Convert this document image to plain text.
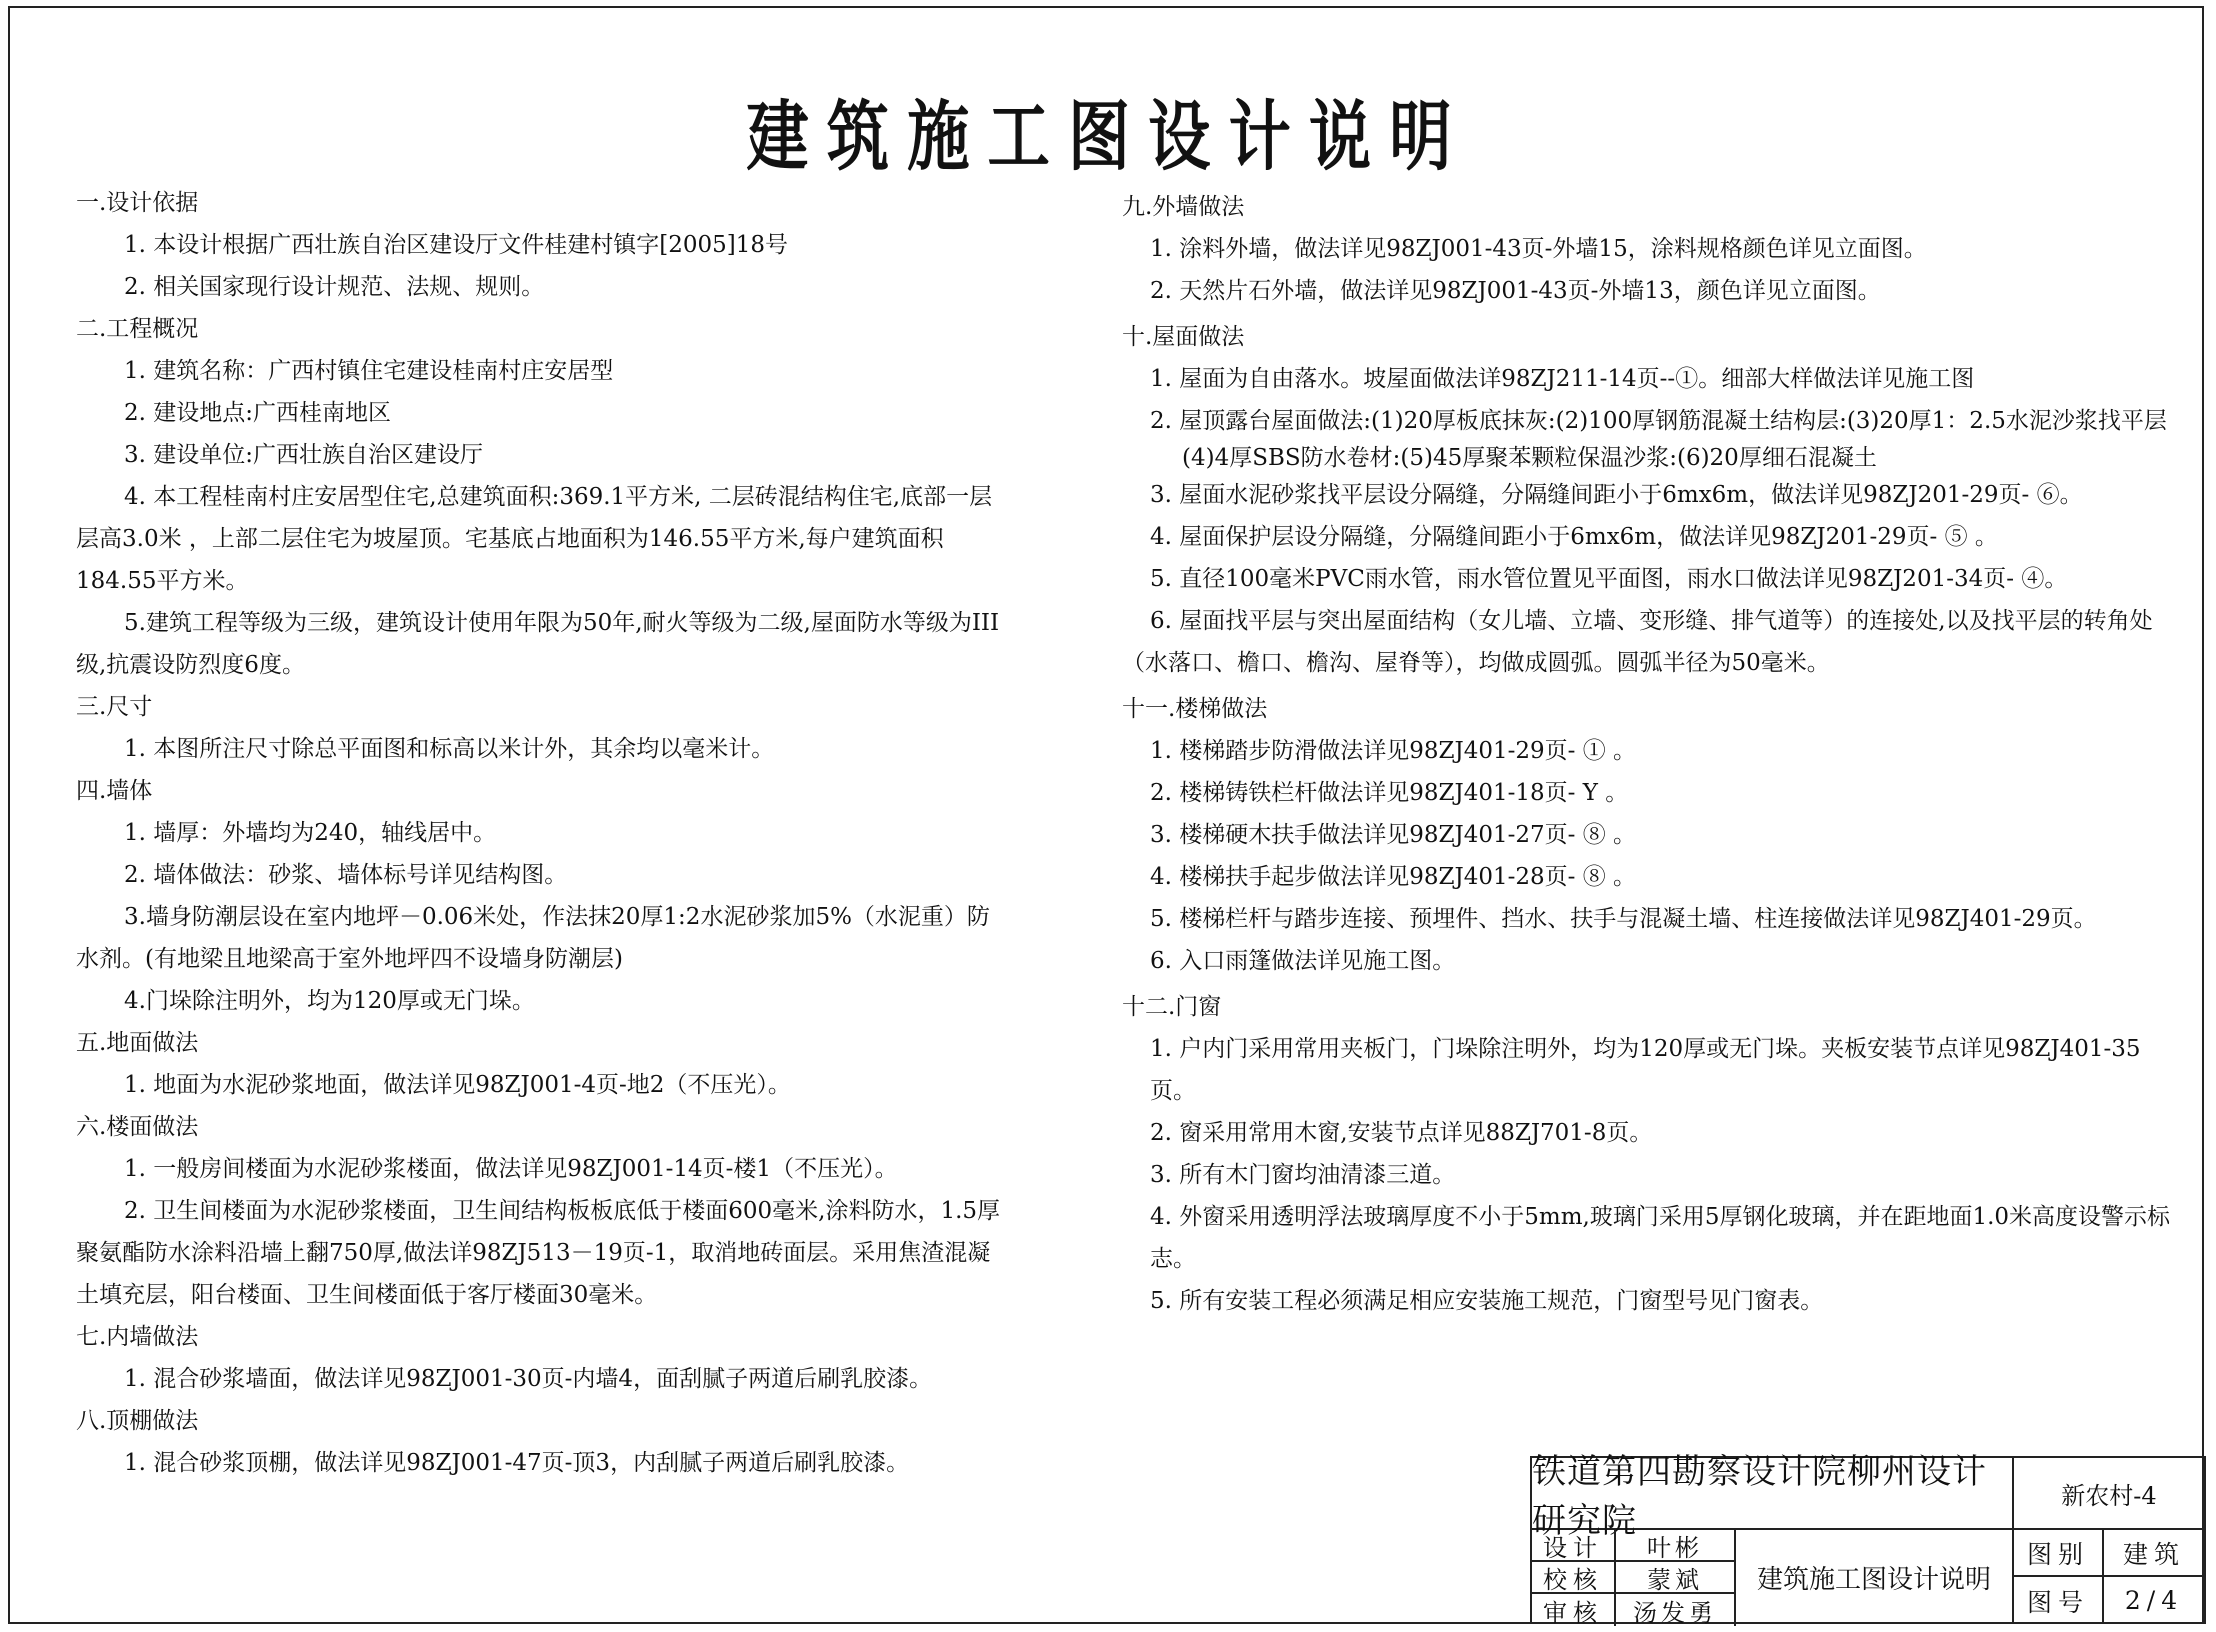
建筑施工图设计说明
一.设计依据
1. 本设计根据广西壮族自治区建设厅文件桂建村镇字[2005]18号
2. 相关国家现行设计规范、法规、规则。
二.工程概况
1. 建筑名称：广西村镇住宅建设桂南村庄安居型
2. 建设地点:广西桂南地区
3. 建设单位:广西壮族自治区建设厅
4. 本工程桂南村庄安居型住宅,总建筑面积:369.1平方米, 二层砖混结构住宅,底部一层层高3.0米 ，上部二层住宅为坡屋顶。宅基底占地面积为146.55平方米,每户建筑面积184.55平方米。
5.建筑工程等级为三级，建筑设计使用年限为50年,耐火等级为二级,屋面防水等级为III级,抗震设防烈度6度。
三.尺寸
1. 本图所注尺寸除总平面图和标高以米计外，其余均以毫米计。
四.墙体
1. 墙厚：外墙均为240，轴线居中。
2. 墙体做法：砂浆、墙体标号详见结构图。
3.墙身防潮层设在室内地坪－0.06米处，作法抹20厚1:2水泥砂浆加5%（水泥重）防水剂。(有地梁且地梁高于室外地坪四不设墙身防潮层)
4.门垛除注明外，均为120厚或无门垛。
五.地面做法
1. 地面为水泥砂浆地面，做法详见98ZJ001-4页-地2（不压光）。
六.楼面做法
1. 一般房间楼面为水泥砂浆楼面，做法详见98ZJ001-14页-楼1（不压光）。
2. 卫生间楼面为水泥砂浆楼面，卫生间结构板板底低于楼面600毫米,涂料防水，1.5厚聚氨酯防水涂料沿墙上翻750厚,做法详98ZJ513－19页-1，取消地砖面层。采用焦渣混凝土填充层，阳台楼面、卫生间楼面低于客厅楼面30毫米。
七.内墙做法
1. 混合砂浆墙面，做法详见98ZJ001-30页-内墙4，面刮腻子两道后刷乳胶漆。
八.顶棚做法
1. 混合砂浆顶棚，做法详见98ZJ001-47页-顶3，内刮腻子两道后刷乳胶漆。
九.外墙做法
1. 涂料外墙，做法详见98ZJ001-43页-外墙15，涂料规格颜色详见立面图。
2. 天然片石外墙，做法详见98ZJ001-43页-外墙13，颜色详见立面图。
十.屋面做法
1. 屋面为自由落水。坡屋面做法详98ZJ211-14页--①。细部大样做法详见施工图
2. 屋顶露台屋面做法:(1)20厚板底抹灰:(2)100厚钢筋混凝土结构层:(3)20厚1：2.5水泥沙浆找平层
(4)4厚SBS防水卷材:(5)45厚聚苯颗粒保温沙浆:(6)20厚细石混凝土
3. 屋面水泥砂浆找平层设分隔缝，分隔缝间距小于6mx6m，做法详见98ZJ201-29页- ⑥。
4. 屋面保护层设分隔缝，分隔缝间距小于6mx6m，做法详见98ZJ201-29页- ⑤ 。
5. 直径100毫米PVC雨水管，雨水管位置见平面图，雨水口做法详见98ZJ201-34页- ④。
6. 屋面找平层与突出屋面结构（女儿墙、立墙、变形缝、排气道等）的连接处,以及找平层的转角处（水落口、檐口、檐沟、屋脊等），均做成圆弧。圆弧半径为50毫米。
十一.楼梯做法
1. 楼梯踏步防滑做法详见98ZJ401-29页- ① 。
2. 楼梯铸铁栏杆做法详见98ZJ401-18页- Y 。
3. 楼梯硬木扶手做法详见98ZJ401-27页- ⑧ 。
4. 楼梯扶手起步做法详见98ZJ401-28页- ⑧ 。
5. 楼梯栏杆与踏步连接、预埋件、挡水、扶手与混凝土墙、柱连接做法详见98ZJ401-29页。
6. 入口雨篷做法详见施工图。
十二.门窗
1. 户内门采用常用夹板门，门垛除注明外，均为120厚或无门垛。夹板安装节点详见98ZJ401-35页。
2. 窗采用常用木窗,安装节点详见88ZJ701-8页。
3. 所有木门窗均油清漆三道。
4. 外窗采用透明浮法玻璃厚度不小于5mm,玻璃门采用5厚钢化玻璃，并在距地面1.0米高度设警示标志。
5. 所有安装工程必须满足相应安装施工规范，门窗型号见门窗表。
铁道第四勘察设计院柳州设计研究院
新农村-4
设计	叶彬
校核	蒙斌
审核	汤发勇
建筑施工图设计说明
图别	建筑
图号	2/4
